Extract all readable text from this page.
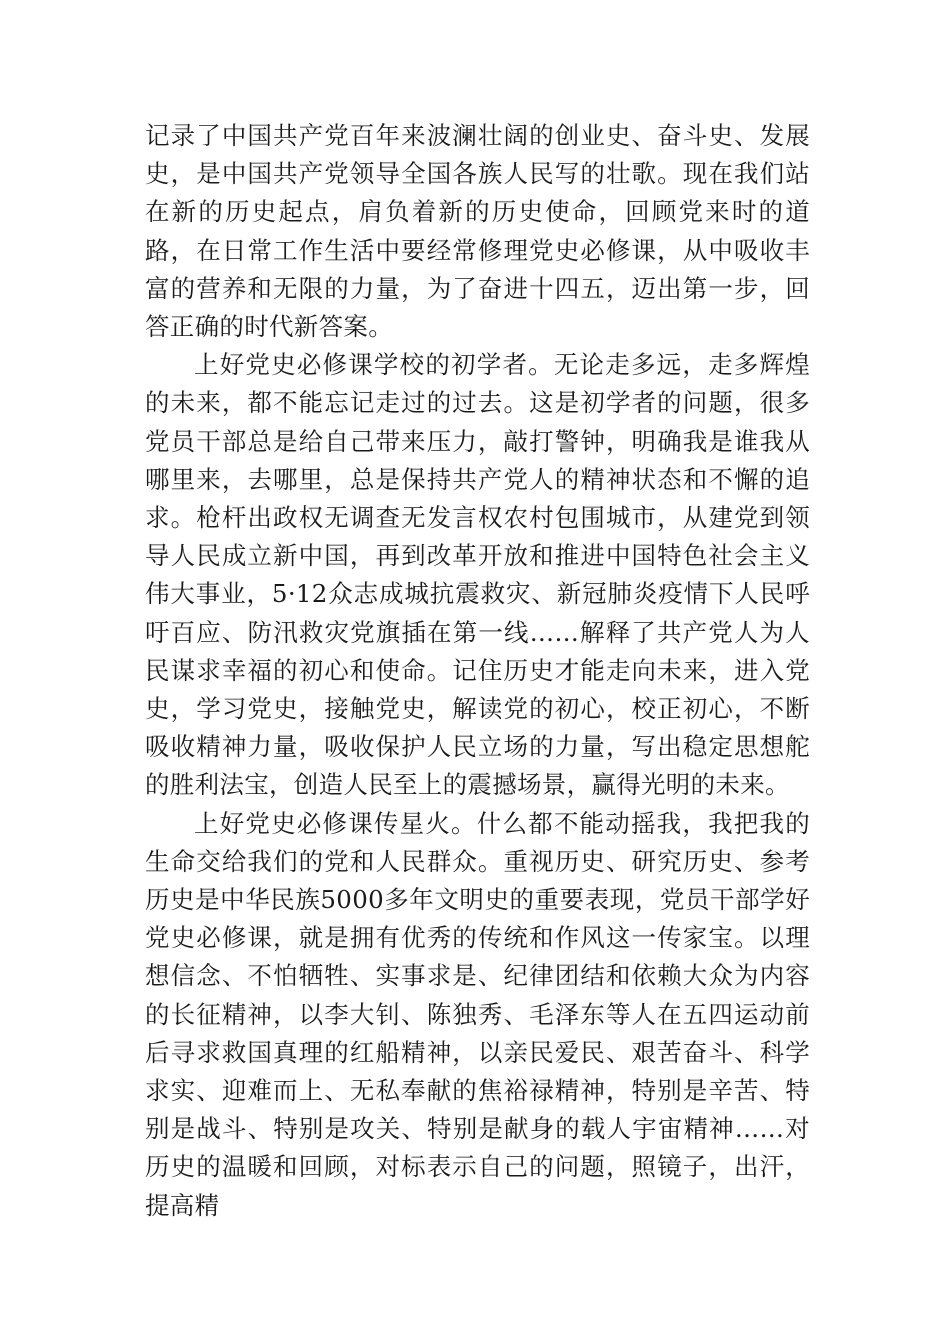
记录了中国共产党百年来波澜壮阔的创业史、奋斗史、发展史，是中国共产党领导全国各族人民写的壮歌。现在我们站在新的历史起点，肩负着新的历史使命，回顾党来时的道路，在日常工作生活中要经常修理党史必修课，从中吸收丰富的营养和无限的力量，为了奋进十四五，迈出第一步，回答正确的时代新答案。

上好党史必修课学校的初学者。无论走多远，走多辉煌的未来，都不能忘记走过的过去。这是初学者的问题，很多党员干部总是给自己带来压力，敲打警钟，明确我是谁我从哪里来，去哪里，总是保持共产党人的精神状态和不懈的追求。枪杆出政权无调查无发言权农村包围城市，从建党到领导人民成立新中国，再到改革开放和推进中国特色社会主义伟大事业，5·12众志成城抗震救灾、新冠肺炎疫情下人民呼吁百应、防汛救灾党旗插在第一线……解释了共产党人为人民谋求幸福的初心和使命。记住历史才能走向未来，进入党史，学习党史，接触党史，解读党的初心，校正初心，不断吸收精神力量，吸收保护人民立场的力量，写出稳定思想舵的胜利法宝，创造人民至上的震撼场景，赢得光明的未来。

上好党史必修课传星火。什么都不能动摇我，我把我的生命交给我们的党和人民群众。重视历史、研究历史、参考历史是中华民族5000多年文明史的重要表现，党员干部学好党史必修课，就是拥有优秀的传统和作风这一传家宝。以理想信念、不怕牺牲、实事求是、纪律团结和依赖大众为内容的长征精神，以李大钊、陈独秀、毛泽东等人在五四运动前后寻求救国真理的红船精神，以亲民爱民、艰苦奋斗、科学求实、迎难而上、无私奉献的焦裕禄精神，特别是辛苦、特别是战斗、特别是攻关、特别是献身的载人宇宙精神……对历史的温暖和回顾，对标表示自己的问题，照镜子，出汗，提高精
